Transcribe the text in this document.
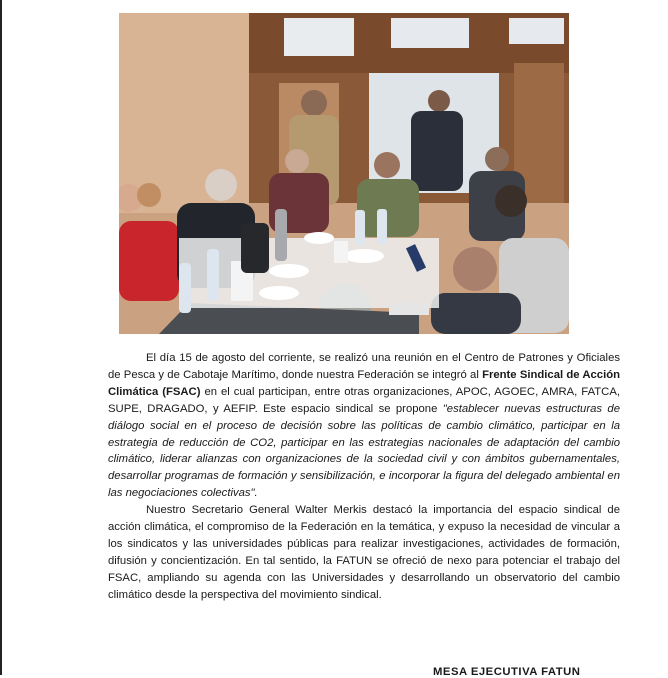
El día 15 de agosto del corriente, se realizó una reunión en el Centro de Patrones y Oficiales de Pesca y de Cabotaje Marítimo, donde nuestra Federación se integró al Frente Sindical de Acción Climática (FSAC) en el cual participan, entre otras organizaciones, APOC, AGOEC, AMRA, FATCA, SUPE, DRAGADO, y AEFIP. Este espacio sindical se propone "establecer nuevas estructuras de diálogo social en el proceso de decisión sobre las políticas de cambio climático, participar en la estrategia de reducción de CO2, participar en las estrategias nacionales de adaptación del cambio climático, liderar alianzas con organizaciones de la sociedad civil y con ámbitos gubernamentales, desarrollar programas de formación y sensibilización, e incorporar la figura del delegado ambiental en las negociaciones colectivas".

Nuestro Secretario General Walter Merkis destacó la importancia del espacio sindical de acción climática, el compromiso de la Federación en la temática, y expuso la necesidad de vincular a los sindicatos y las universidades públicas para realizar investigaciones, actividades de formación, difusión y concientización. En tal sentido, la FATUN se ofreció de nexo para potenciar el trabajo del FSAC, ampliando su agenda con las Universidades y desarrollando un observatorio del cambio climático desde la perspectiva del movimiento sindical.

MESA EJECUTIVA FATUN
